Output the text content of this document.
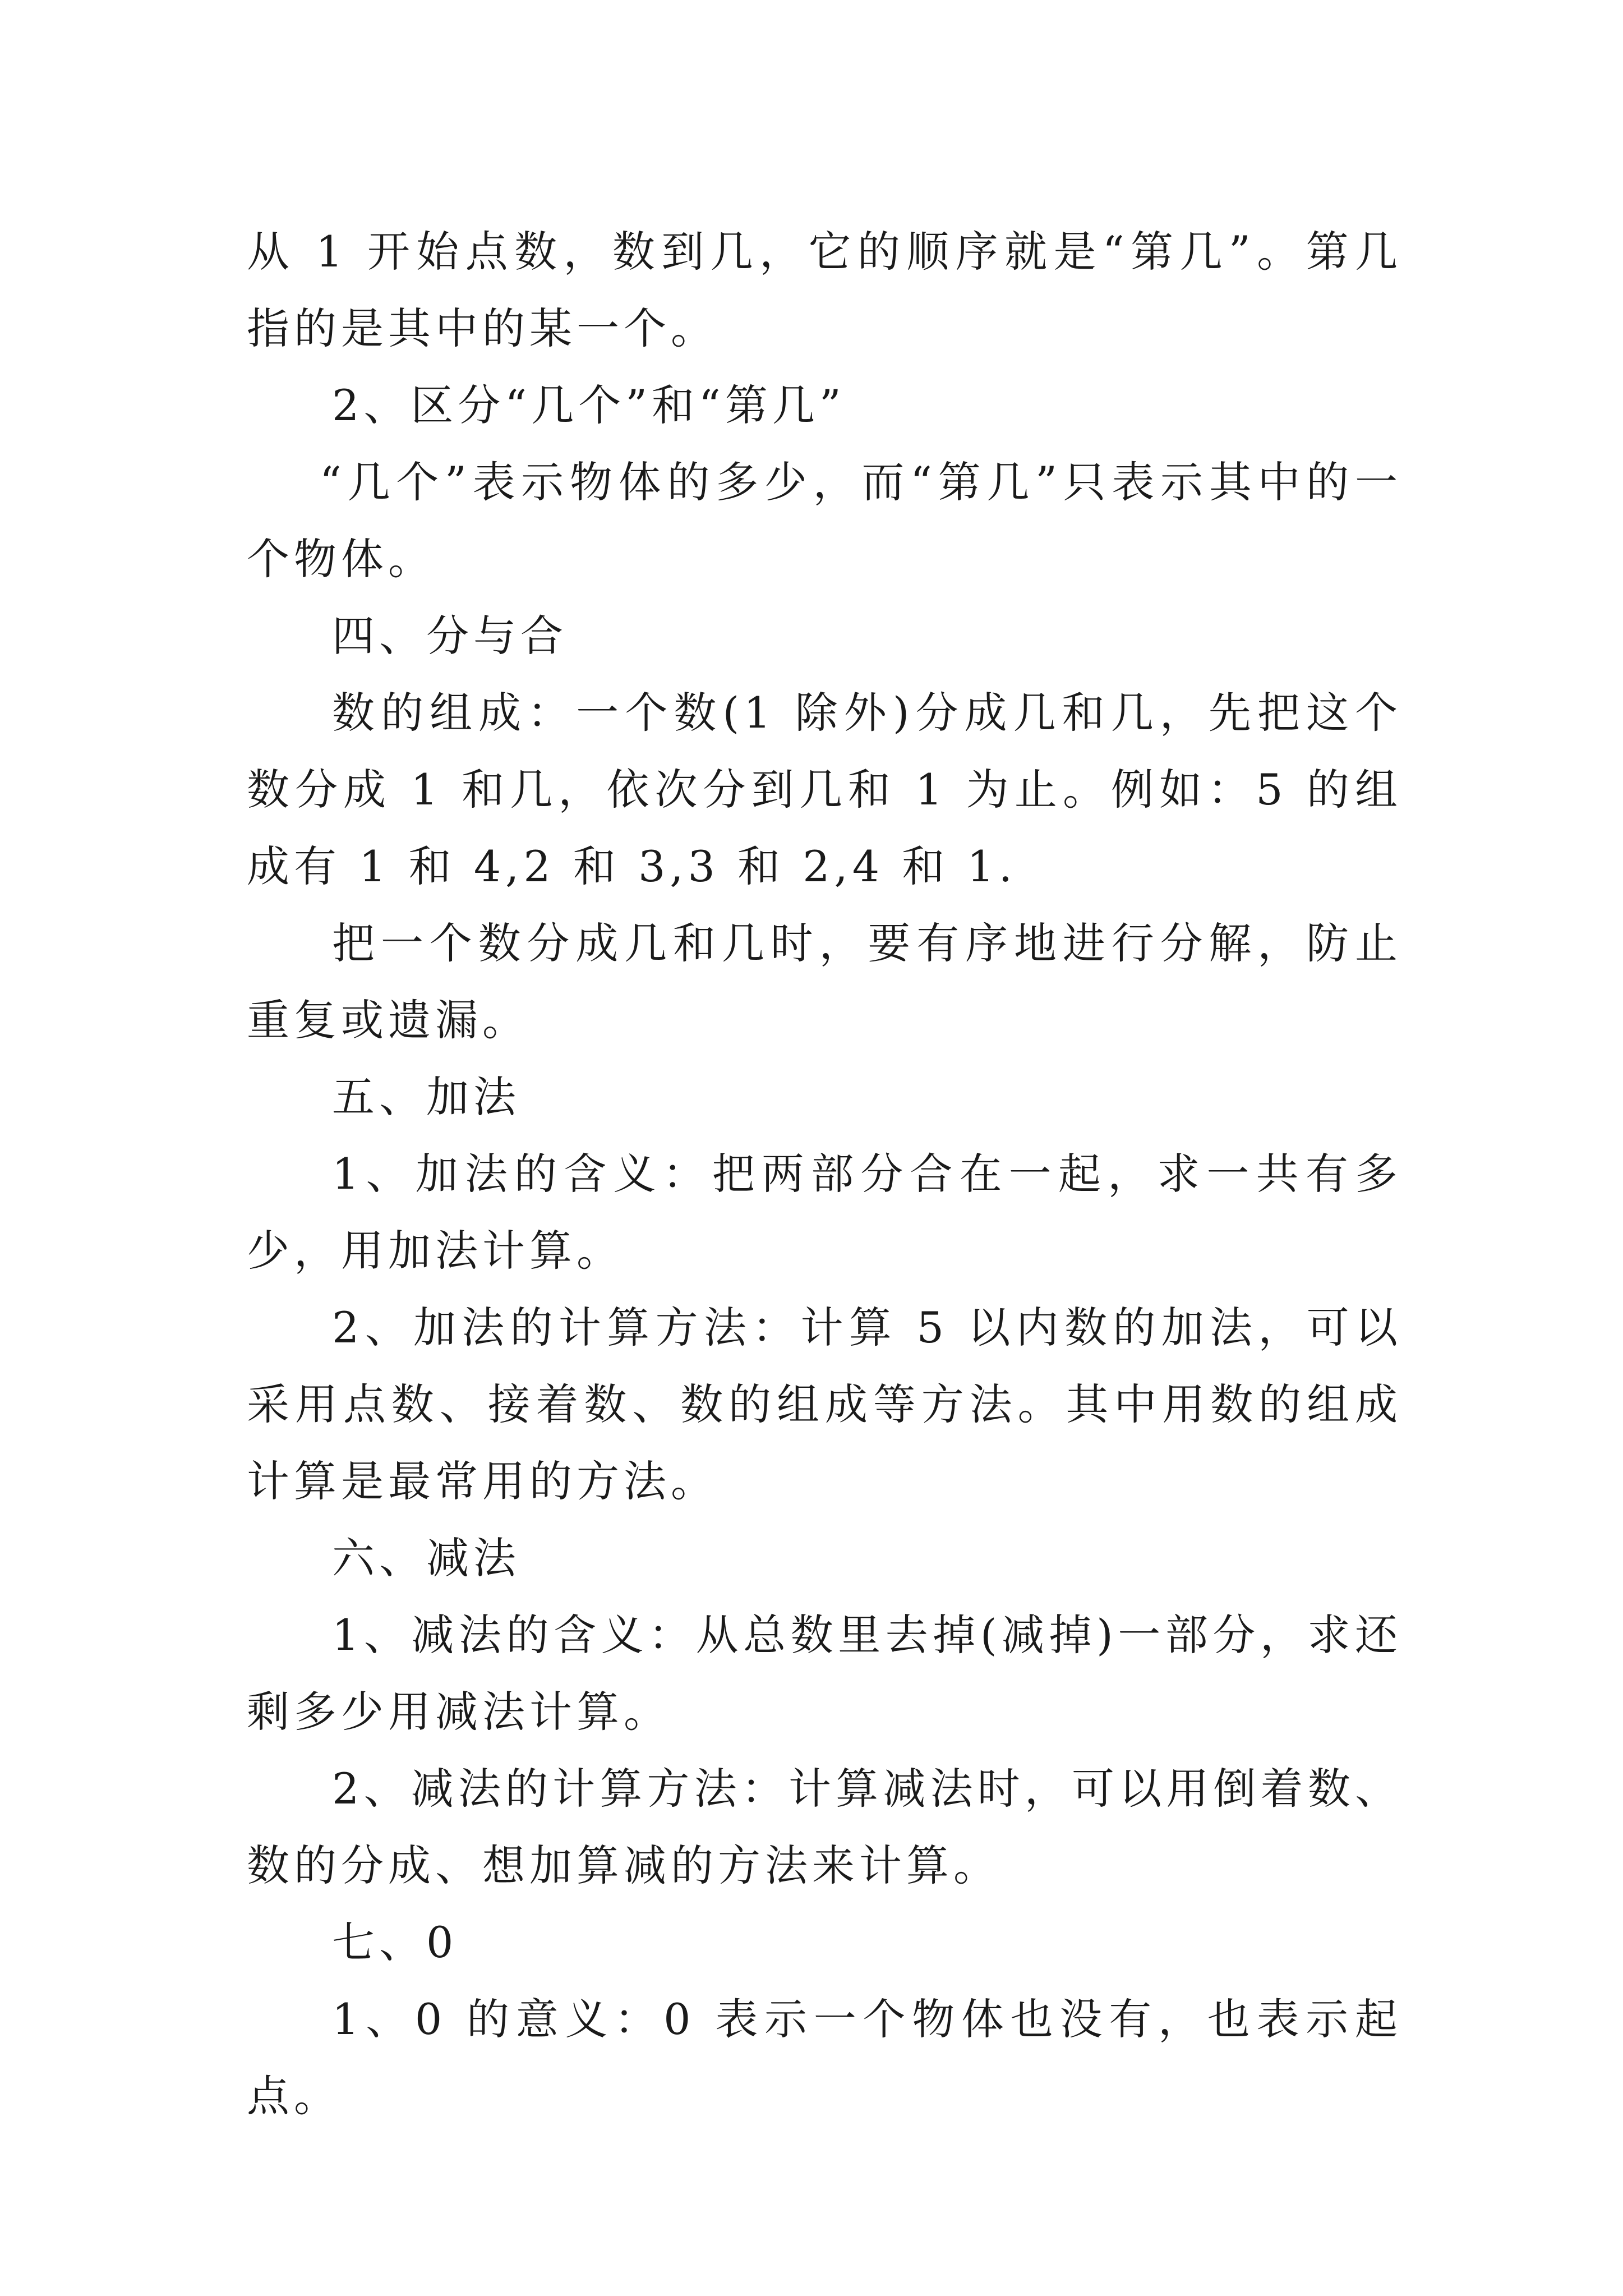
从 1 开始点数，数到几，它的顺序就是“第几”。第几指的是其中的某一个。

2、区分“几个”和“第几”

“几个”表示物体的多少，而“第几”只表示其中的一个物体。

四、分与合

数的组成：一个数(1 除外)分成几和几，先把这个数分成 1 和几，依次分到几和 1 为止。例如：5 的组成有 1 和 4,2 和 3,3 和 2,4 和 1.

把一个数分成几和几时，要有序地进行分解，防止重复或遗漏。

五、加法

1、加法的含义：把两部分合在一起，求一共有多少，用加法计算。

2、加法的计算方法：计算 5 以内数的加法，可以采用点数、接着数、数的组成等方法。其中用数的组成计算是最常用的方法。

六、减法

1、减法的含义：从总数里去掉(减掉)一部分，求还剩多少用减法计算。

2、减法的计算方法：计算减法时，可以用倒着数、数的分成、想加算减的方法来计算。

七、0

1、0 的意义：0 表示一个物体也没有，也表示起点。
